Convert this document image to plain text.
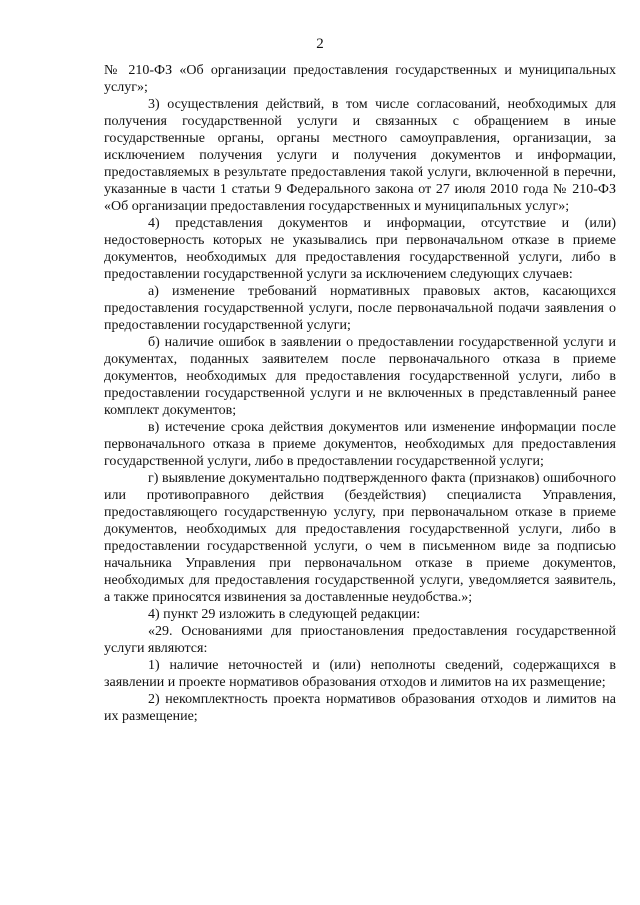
2

№ 210-ФЗ «Об организации предоставления государственных и муниципальных услуг»;

3) осуществления действий, в том числе согласований, необходимых для получения государственной услуги и связанных с обращением в иные государственные органы, органы местного самоуправления, организации, за исключением получения услуги и получения документов и информации, предоставляемых в результате предоставления такой услуги, включенной в перечни, указанные в части 1 статьи 9 Федерального закона от 27 июля 2010 года № 210-ФЗ «Об организации предоставления государственных и муниципальных услуг»;

4) представления документов и информации, отсутствие и (или) недостоверность которых не указывались при первоначальном отказе в приеме документов, необходимых для предоставления государственной услуги, либо в предоставлении государственной услуги за исключением следующих случаев:

а) изменение требований нормативных правовых актов, касающихся предоставления государственной услуги, после первоначальной подачи заявления о предоставлении государственной услуги;

б) наличие ошибок в заявлении о предоставлении государственной услуги и документах, поданных заявителем после первоначального отказа в приеме документов, необходимых для предоставления государственной услуги, либо в предоставлении государственной услуги и не включенных в представленный ранее комплект документов;

в) истечение срока действия документов или изменение информации после первоначального отказа в приеме документов, необходимых для предоставления государственной услуги, либо в предоставлении государственной услуги;

г) выявление документально подтвержденного факта (признаков) ошибочного или противоправного действия (бездействия) специалиста Управления, предоставляющего государственную услугу, при первоначальном отказе в приеме документов, необходимых для предоставления государственной услуги, либо в предоставлении государственной услуги, о чем в письменном виде за подписью начальника Управления при первоначальном отказе в приеме документов, необходимых для предоставления государственной услуги, уведомляется заявитель, а также приносятся извинения за доставленные неудобства.»;

4) пункт 29 изложить в следующей редакции:

«29. Основаниями для приостановления предоставления государственной услуги являются:

1) наличие неточностей и (или) неполноты сведений, содержащихся в заявлении и проекте нормативов образования отходов и лимитов на их размещение;

2) некомплектность проекта нормативов образования отходов и лимитов на их размещение;
